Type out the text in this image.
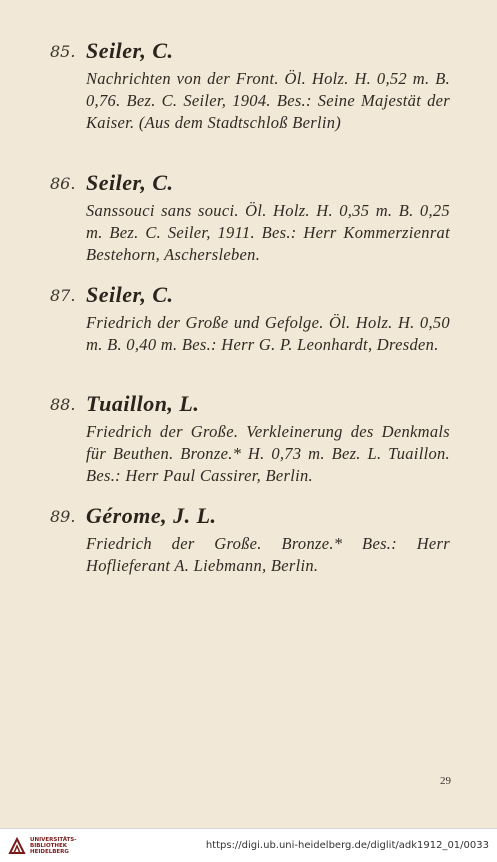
85. Seiler, C.

Nachrichten von der Front. Öl. Holz. H. 0,52 m. B. 0,76. Bez. C. Seiler, 1904. Bes.: Seine Majestät der Kaiser. (Aus dem Stadtschloß Berlin)

86. Seiler, C.

Sanssouci sans souci. Öl. Holz. H. 0,35 m. B. 0,25 m. Bez. C. Seiler, 1911. Bes.: Herr Kommerzienrat Bestehorn, Aschersleben.

87. Seiler, C.

Friedrich der Große und Gefolge. Öl. Holz. H. 0,50 m. B. 0,40 m. Bes.: Herr G. P. Leonhardt, Dresden.

88. Tuaillon, L.

Friedrich der Große. Verkleinerung des Denkmals für Beuthen. Bronze.* H. 0,73 m. Bez. L. Tuaillon. Bes.: Herr Paul Cassirer, Berlin.

89. Gérome, J. L.

Friedrich der Große. Bronze.* Bes.: Herr Hoflieferant A. Liebmann, Berlin.

29
UNIVERSITÄTS-
BIBLIOTHEK
HEIDELBERG
https://digi.ub.uni-heidelberg.de/diglit/adk1912_01/0033
